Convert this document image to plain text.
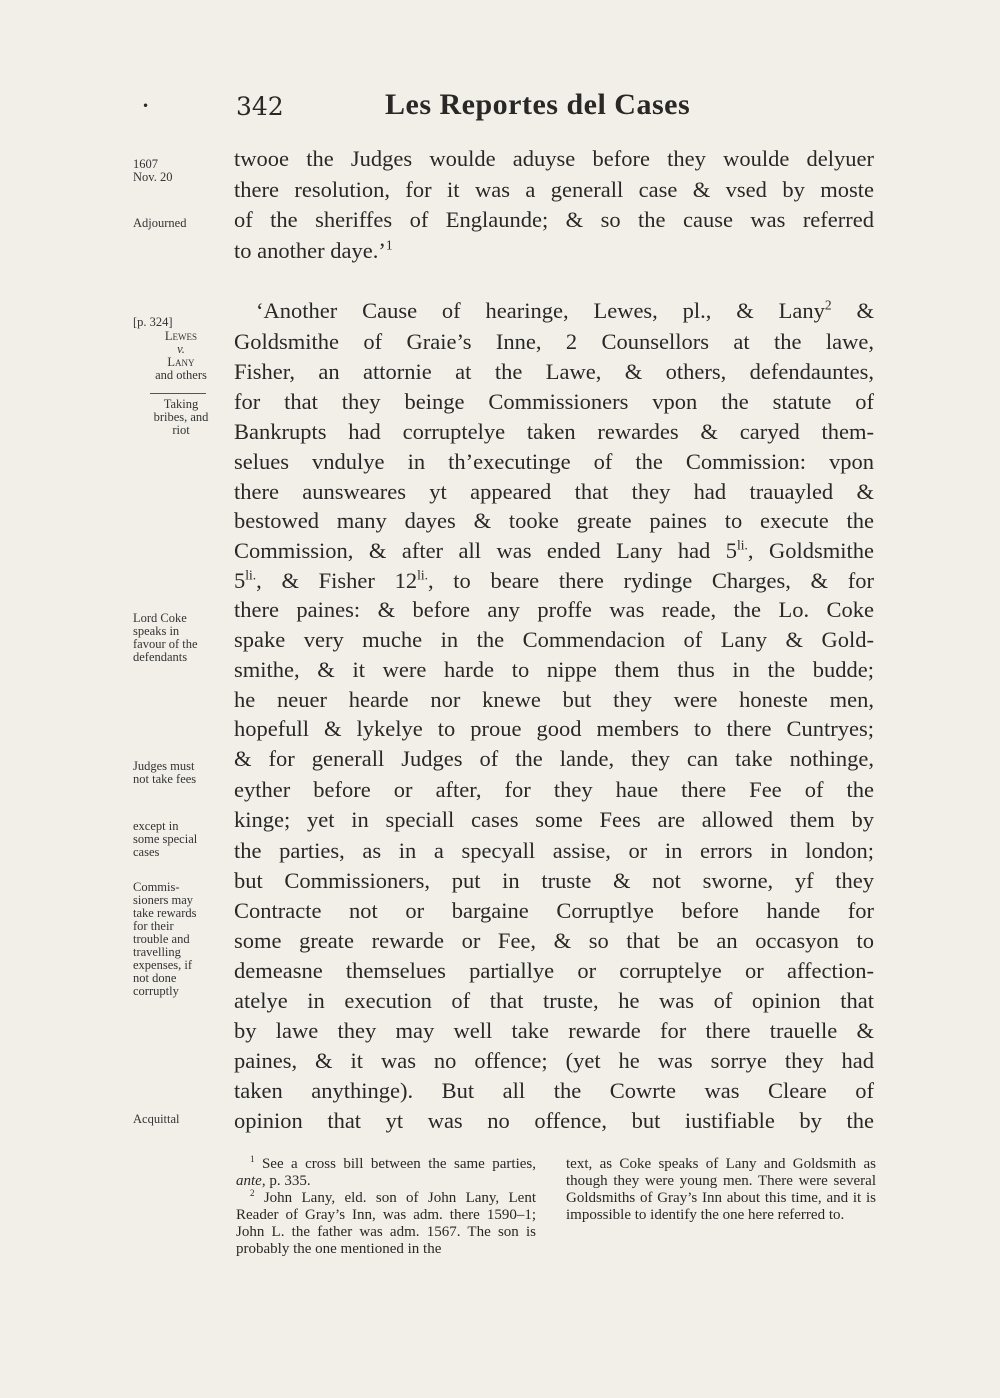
•	342	Les Reportes del Cases
1607
Nov. 20
Adjourned
[p. 324]
Lewes
v.
Lany
and others
Taking
bribes, and
riot
Lord Coke
speaks in
favour of the
defendants
Judges must
not take fees
except in
some special
cases
Commis-
sioners may
take rewards
for their
trouble and
travelling
expenses, if
not done
corruptly
Acquittal
twooe the Judges woulde aduyse before they woulde delyuer
there resolution, for it was a generall case & vsed by moste
of the sheriffes of Englaunde; & so the cause was referred
to another daye.’$^1$
‘Another Cause of hearinge, Lewes, pl., & Lany$^2$ &
Goldsmithe of Graie’s Inne, 2 Counsellors at the lawe,
Fisher, an attornie at the Lawe, & others, defendauntes,
for that they beinge Commissioners vpon the statute of
Bankrupts had corruptelye taken rewardes & caryed them-
selues vndulye in th’executinge of the Commission: vpon
there aunsweares yt appeared that they had trauayled &
bestowed many dayes & tooke greate paines to execute the
Commission, & after all was ended Lany had $5^{li.}$, Goldsmithe
$5^{li.}$, & Fisher $12^{li.}$, to beare there rydinge Charges, & for
there paines: & before any proffe was reade, the Lo. Coke
spake very muche in the Commendacion of Lany & Gold-
smithe, & it were harde to nippe them thus in the budde;
he neuer hearde nor knewe but they were honeste men,
hopefull & lykelye to proue good members to there Cuntryes;
& for generall Judges of the lande, they can take nothinge,
eyther before or after, for they haue there Fee of the
kinge; yet in speciall cases some Fees are allowed them by
the parties, as in a specyall assise, or in errors in london;
but Commissioners, put in truste & not sworne, yf they
Contracte not or bargaine Corruptlye before hande for
some greate rewarde or Fee, & so that be an occasyon to
demeasne themselues partiallye or corruptelye or affection-
atelye in execution of that truste, he was of opinion that
by lawe they may well take rewarde for there trauelle &
paines, & it was no offence; (yet he was sorrye they had
taken anythinge). But all the Cowrte was Cleare of
opinion that yt was no offence, but iustifiable by the

$^1$ See a cross bill between the same parties, ante, p. 335.

$^2$ John Lany, eld. son of John Lany, Lent Reader of Gray’s Inn, was adm. there 1590–1; John L. the father was adm. 1567. The son is probably the one mentioned in the

text, as Coke speaks of Lany and Goldsmith as though they were young men. There were several Goldsmiths of Gray’s Inn about this time, and it is impossible to identify the one here referred to.
